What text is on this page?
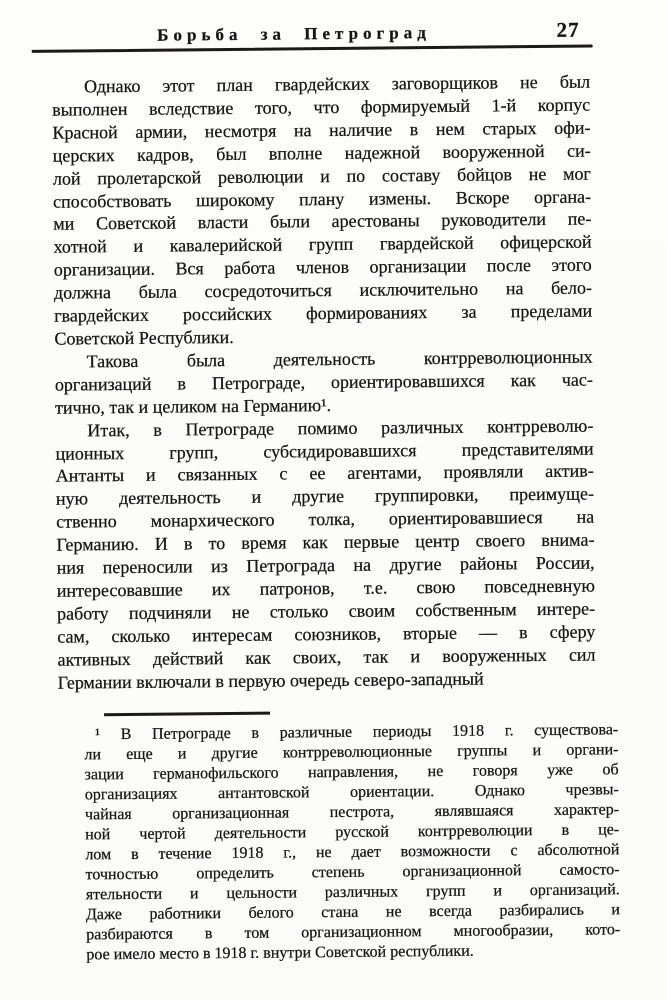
Борьба за Петроград	27
Однако этот план гвардейских заговорщиков не был
выполнен вследствие того, что формируемый 1-й корпус
Красной армии, несмотря на наличие в нем старых офи-
церских кадров, был вполне надежной вооруженной си-
лой пролетарской революции и по составу бойцов не мог
способствовать широкому плану измены. Вскоре органа-
ми Советской власти были арестованы руководители пе-
хотной и кавалерийской групп гвардейской офицерской
организации. Вся работа членов организации после этого
должна была сосредоточиться исключительно на бело-
гвардейских российских формированиях за пределами
Советской Республики.
Такова была деятельность контрреволюционных
организаций в Петрограде, ориентировавшихся как час-
тично, так и целиком на Германию¹.
Итак, в Петрограде помимо различных контрреволю-
ционных групп, субсидировавшихся представителями
Антанты и связанных с ее агентами, проявляли актив-
ную деятельность и другие группировки, преимуще-
ственно монархического толка, ориентировавшиеся на
Германию. И в то время как первые центр своего внима-
ния переносили из Петрограда на другие районы России,
интересовавшие их патронов, т.е. свою повседневную
работу подчиняли не столько своим собственным интере-
сам, сколько интересам союзников, вторые — в сферу
активных действий как своих, так и вооруженных сил
Германии включали в первую очередь северо-западный
¹ В Петрограде в различные периоды 1918 г. существова-
ли еще и другие контрреволюционные группы и органи-
зации германофильского направления, не говоря уже об
организациях антантовской ориентации. Однако чрезвы-
чайная организационная пестрота, являвшаяся характер-
ной чертой деятельности русской контрреволюции в це-
лом в течение 1918 г., не дает возможности с абсолютной
точностью определить степень организационной самосто-
ятельности и цельности различных групп и организаций.
Даже работники белого стана не всегда разбирались и
разбираются в том организационном многообразии, кото-
рое имело место в 1918 г. внутри Советской республики.
